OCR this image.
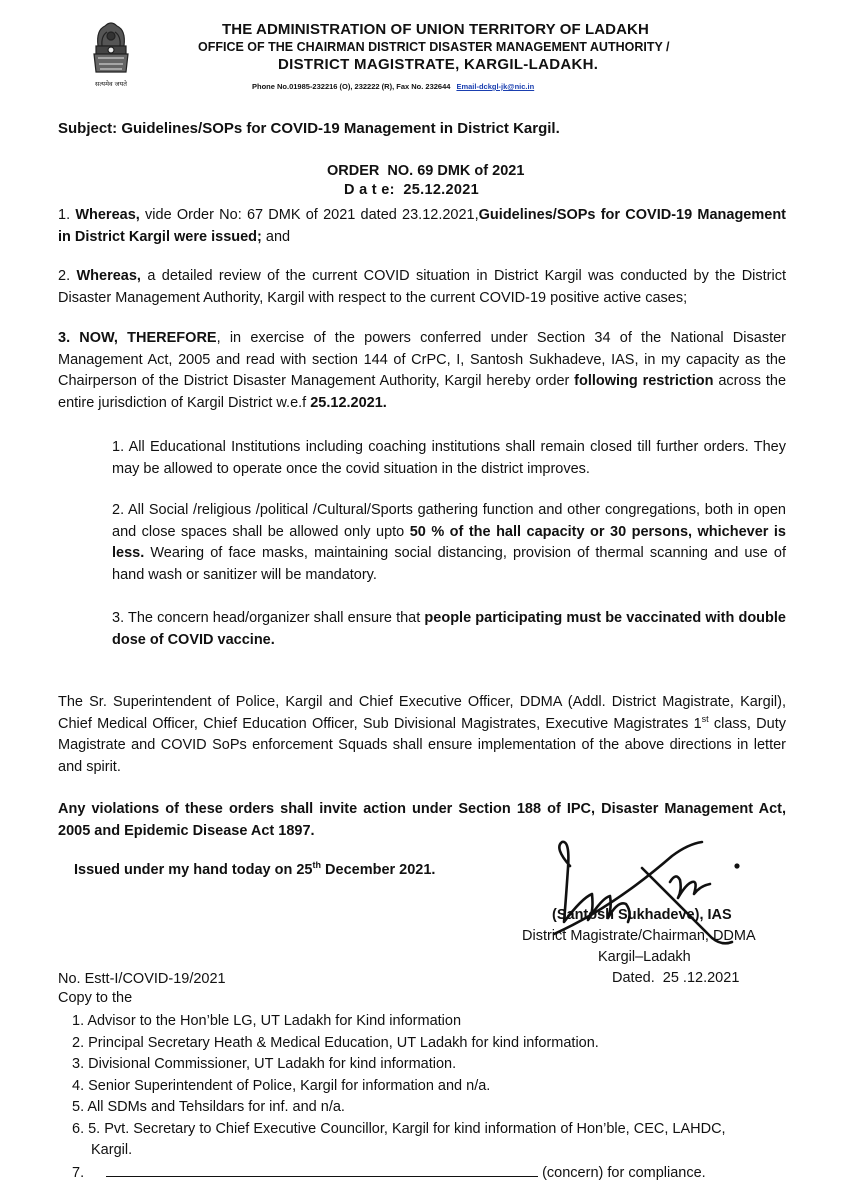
सत्यमेव जयते
THE ADMINISTRATION OF UNION TERRITORY OF LADAKH
OFFICE OF THE CHAIRMAN DISTRICT DISASTER MANAGEMENT AUTHORITY /
DISTRICT MAGISTRATE, KARGIL-LADAKH.
Phone No.01985-232216 (O), 232222 (R), Fax No. 232644 Email-dckgl-jk@nic.in
Subject: Guidelines/SOPs for COVID-19 Management in District Kargil.
ORDER  NO. 69 DMK of 2021
D a t e:  25.12.2021
1. Whereas, vide Order No: 67 DMK of 2021 dated 23.12.2021,Guidelines/SOPs for COVID-19 Management in District Kargil were issued; and
2. Whereas, a detailed review of the current COVID situation in District Kargil was conducted by the District Disaster Management Authority, Kargil with respect to the current COVID-19 positive active cases;
3. NOW, THEREFORE, in exercise of the powers conferred under Section 34 of the National Disaster Management Act, 2005 and read with section 144 of CrPC, I, Santosh Sukhadeve, IAS, in my capacity as the Chairperson of the District Disaster Management Authority, Kargil hereby order following restriction across the entire jurisdiction of Kargil District w.e.f 25.12.2021.
1. All Educational Institutions including coaching institutions shall remain closed till further orders. They may be allowed to operate once the covid situation in the district improves.
2. All Social /religious /political /Cultural/Sports gathering function and other congregations, both in open and close spaces shall be allowed only upto 50 % of the hall capacity or 30 persons, whichever is less. Wearing of face masks, maintaining social distancing, provision of thermal scanning and use of hand wash or sanitizer will be mandatory.
3. The concern head/organizer shall ensure that people participating must be vaccinated with double dose of COVID vaccine.
The Sr. Superintendent of Police, Kargil and Chief Executive Officer, DDMA (Addl. District Magistrate, Kargil), Chief Medical Officer, Chief Education Officer, Sub Divisional Magistrates, Executive Magistrates 1st class, Duty Magistrate and COVID SoPs enforcement Squads shall ensure implementation of the above directions in letter and spirit.
Any violations of these orders shall invite action under Section 188 of IPC, Disaster Management Act, 2005 and Epidemic Disease Act 1897.
Issued under my hand today on 25th December 2021.
(Santosh Sukhadeve), IAS
District Magistrate/Chairman, DDMA
Kargil–Ladakh
Dated.  25 .12.2021
No. Estt-I/COVID-19/2021
Copy to the
1. Advisor to the Hon’ble LG, UT Ladakh for Kind information
2. Principal Secretary Heath & Medical Education, UT Ladakh for kind information.
3. Divisional Commissioner, UT Ladakh for kind information.
4. Senior Superintendent of Police, Kargil for information and n/a.
5. All SDMs and Tehsildars for inf. and n/a.
6. 5. Pvt. Secretary to Chief Executive Councillor, Kargil for kind information of Hon’ble, CEC, LAHDC,
Kargil.
7.	(concern) for compliance.
